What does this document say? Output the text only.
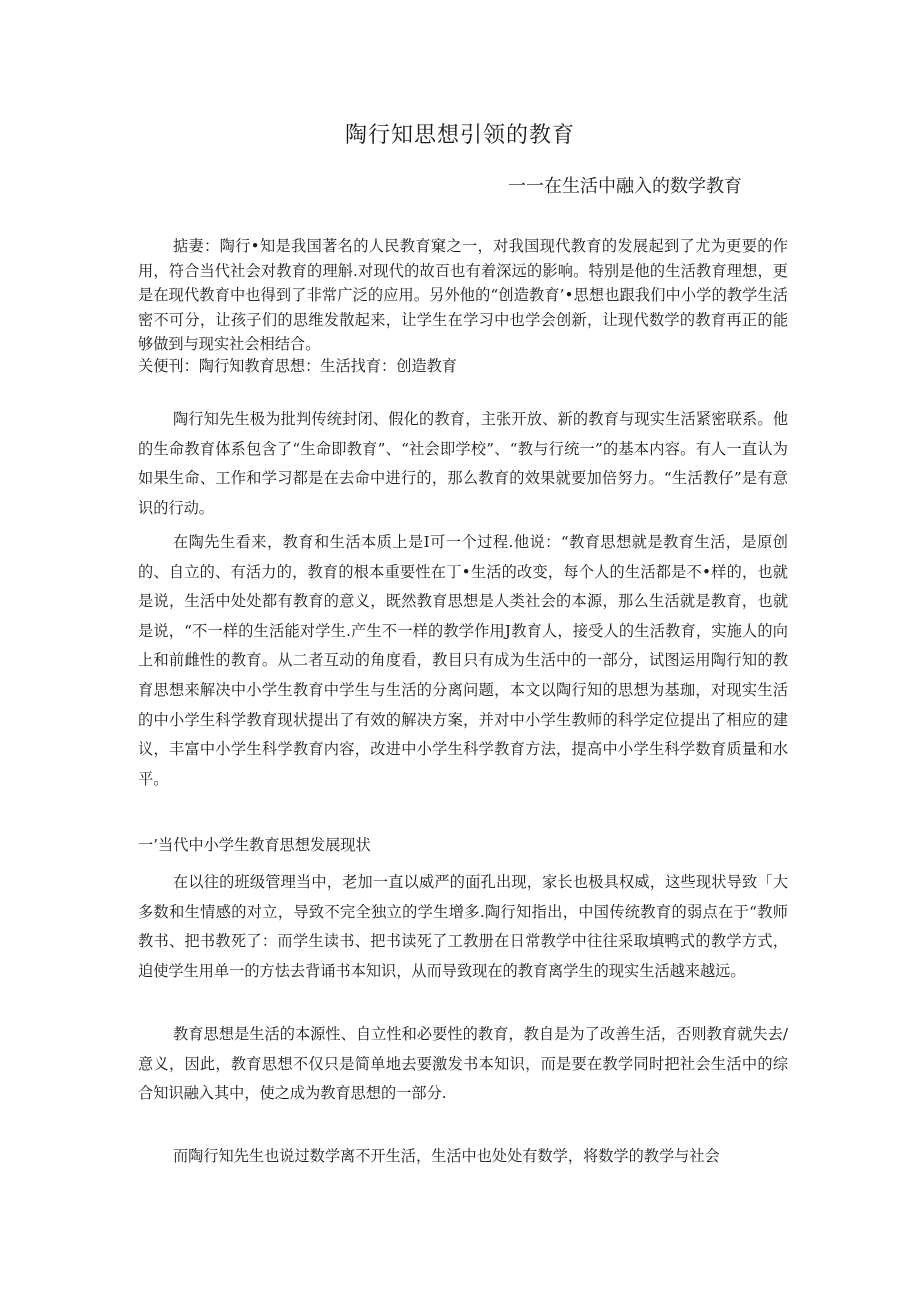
陶行知思想引领的教育
一一在生活中融入的数学教育

掂妻：陶行•知是我国著名的人民教育窠之一，对我国现代教育的发展起到了尤为更要的作用，符合当代社会对教育的理斛.对现代的故百也有着深远的影响。特别是他的生活教育理想，更是在现代教育中也得到了非常广泛的应用。另外他的“创造教育’•思想也跟我们中小学的教学生活密不可分，让孩子们的思维发散起来，让学生在学习中也学会创新，让现代数学的教育再正的能够做到与现实社会相结合。

关便刊：陶行知教育思想：生活找育：创造教育

陶行知先生极为批判传统封闭、假化的教育，主张开放、新的教育与现实生活紧密联系。他的生命教育体系包含了“生命即教育”、“社会即学校”、“教与行统一”的基本内容。有人一直认为如果生命、工作和学习都是在去命中进行的，那么教育的效果就要加倍努力。“生活教仔”是有意识的行动。

在陶先生看来，教育和生活本质上是I可一个过程.他说：“教育思想就是教育生活，是原创的、自立的、有活力的，教育的根本重要性在丁•生活的改变，每个人的生活都是不•样的，也就是说，生活中处处都有教育的意义，既然教育思想是人类社会的本源，那么生活就是教育，也就是说，“不一样的生活能对学生.产生不一样的教学作用J教育人，接受人的生活教育，实施人的向上和前雌性的教育。从二者互动的角度看，教目只有成为生活中的一部分，试图运用陶行知的教育思想来解决中小学生教育中学生与生活的分离问题，本文以陶行知的思想为基珈，对现实生活的中小学生科学教育现状提出了有效的解决方案，并对中小学生教师的科学定位提出了相应的建议，丰富中小学生科学教育内容，改进中小学生科学教育方法，提高中小学生科学数育质量和水平。

一’当代中小学生教育思想发展现状

在以往的班级管理当中，老加一直以威严的面孔出现，家长也极具权威，这些现状导致「大多数和生情感的对立，导致不完全独立的学生增多.陶行知指出，中国传统教育的弱点在于“教师教书、把书教死了：而学生读书、把书读死了工教册在日常教学中往往采取填鸭式的教学方式，迫使学生用单一的方怯去背诵书本知识，从而导致现在的教育离学生的现实生活越来越远。

教育思想是生活的本源性、自立性和必要性的教育，教自是为了改善生活，否则教育就失去/意义，因此，教育思想不仅只是简单地去要激发书本知识，而是要在教学同时把社会生活中的综合知识融入其中，使之成为教育思想的一部分.

而陶行知先生也说过数学离不开生活，生活中也处处有数学，将数学的教学与社会
